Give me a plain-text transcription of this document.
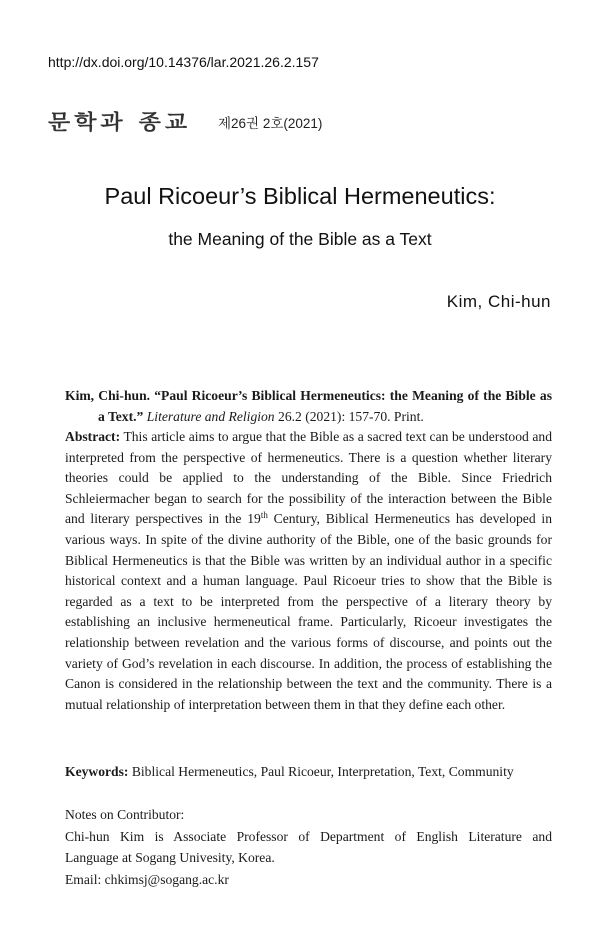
http://dx.doi.org/10.14376/lar.2021.26.2.157
문학과 종교 제26권 2호(2021)
Paul Ricoeur’s Biblical Hermeneutics:
the Meaning of the Bible as a Text
Kim, Chi-hun
Kim, Chi-hun. “Paul Ricoeur’s Biblical Hermeneutics: the Meaning of the Bible as a Text.” Literature and Religion 26.2 (2021): 157-70. Print.
Abstract: This article aims to argue that the Bible as a sacred text can be understood and interpreted from the perspective of hermeneutics. There is a question whether literary theories could be applied to the understanding of the Bible. Since Friedrich Schleiermacher began to search for the possibility of the interaction between the Bible and literary perspectives in the 19th Century, Biblical Hermeneutics has developed in various ways. In spite of the divine authority of the Bible, one of the basic grounds for Biblical Hermeneutics is that the Bible was written by an individual author in a specific historical context and a human language. Paul Ricoeur tries to show that the Bible is regarded as a text to be interpreted from the perspective of a literary theory by establishing an inclusive hermeneutical frame. Particularly, Ricoeur investigates the relationship between revelation and the various forms of discourse, and points out the variety of God’s revelation in each discourse. In addition, the process of establishing the Canon is considered in the relationship between the text and the community. There is a mutual relationship of interpretation between them in that they define each other.
Keywords: Biblical Hermeneutics, Paul Ricoeur, Interpretation, Text, Community
Notes on Contributor:
Chi-hun Kim is Associate Professor of Department of English Literature and
Language at Sogang Univesity, Korea.
Email: chkimsj@sogang.ac.kr
